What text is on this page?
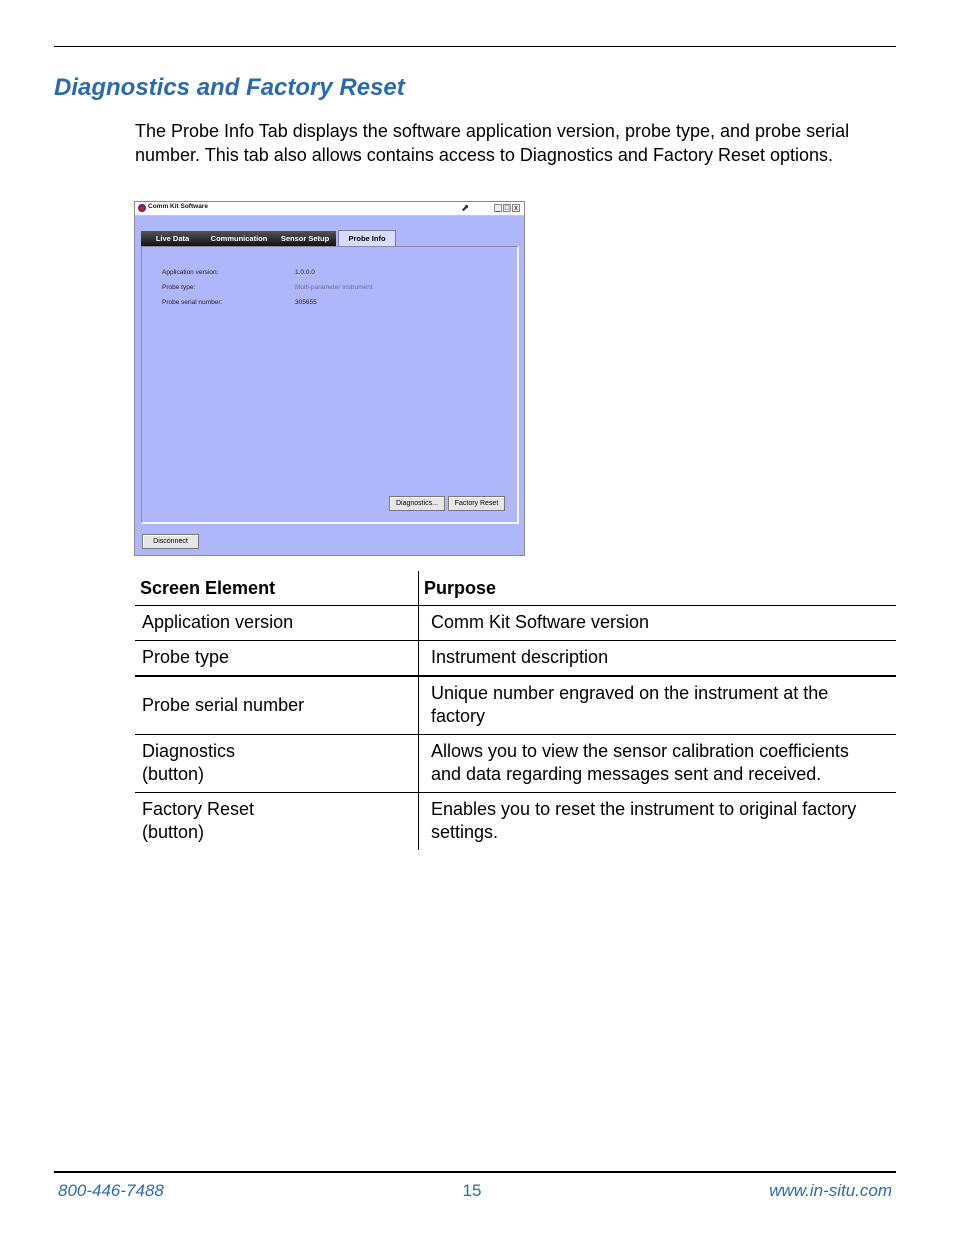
Diagnostics and Factory Reset

The Probe Info Tab displays the software application version, probe type, and probe serial number. This tab also allows contains access to Diagnostics and Factory Reset options.

Comm Kit Software	⬈	_ □ x
Live Data	Communication	Sensor Setup	Probe Info
Application version:	1.0.0.0
Probe type:	Multi-parameter instrument
Probe serial number:	305655
Diagnostics...	Factory Reset
Disconnect
Screen Element	Purpose

Application version	Comm Kit Software version

Probe type	Instrument description

Probe serial number	Unique number engraved on the instrument at the
factory

Diagnostics
(button)	Allows you to view the sensor calibration coefficients
and data regarding messages sent and received.

Factory Reset
(button)	Enables you to reset the instrument to original factory
settings.
800-446-7488	15	www.in-situ.com
